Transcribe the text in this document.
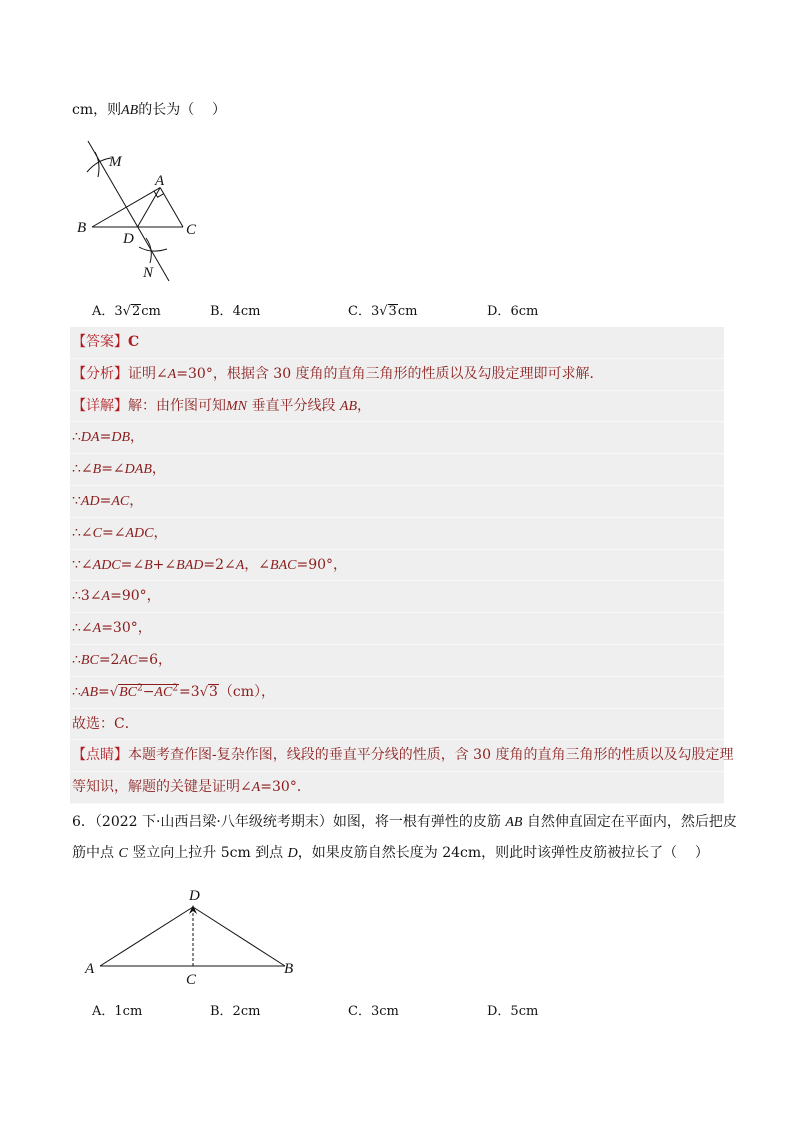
cm，则AB的长为（    ）
M
A
B	C
D
N
A．3√2cm	B．4cm	C．3√3cm	D．6cm
【答案】C
【分析】证明∠A=30°，根据含 30 度角的直角三角形的性质以及勾股定理即可求解．
【详解】解：由作图可知MN 垂直平分线段 AB，
∴DA=DB，
∴∠B=∠DAB，
∵AD=AC，
∴∠C=∠ADC，
∵∠ADC=∠B+∠BAD=2∠A，∠BAC=90°，
∴3∠A=90°，
∴∠A=30°，
∴BC=2AC=6，
$\therefore AB=√BC^2-AC^2=3√3(cm)$，
故选：C．
【点睛】本题考查作图-复杂作图，线段的垂直平分线的性质，含 30 度角的直角三角形的性质以及勾股定理
等知识，解题的关键是证明∠A=30°．
6．（2022 下·山西吕梁·八年级统考期末）如图，将一根有弹性的皮筋 AB 自然伸直固定在平面内，然后把皮
筋中点 C 竖立向上拉升 5cm 到点 D，如果皮筋自然长度为 24cm，则此时该弹性皮筋被拉长了（    ）
D
A
C
B
A．1cm	B．2cm	C．3cm	D．5cm
